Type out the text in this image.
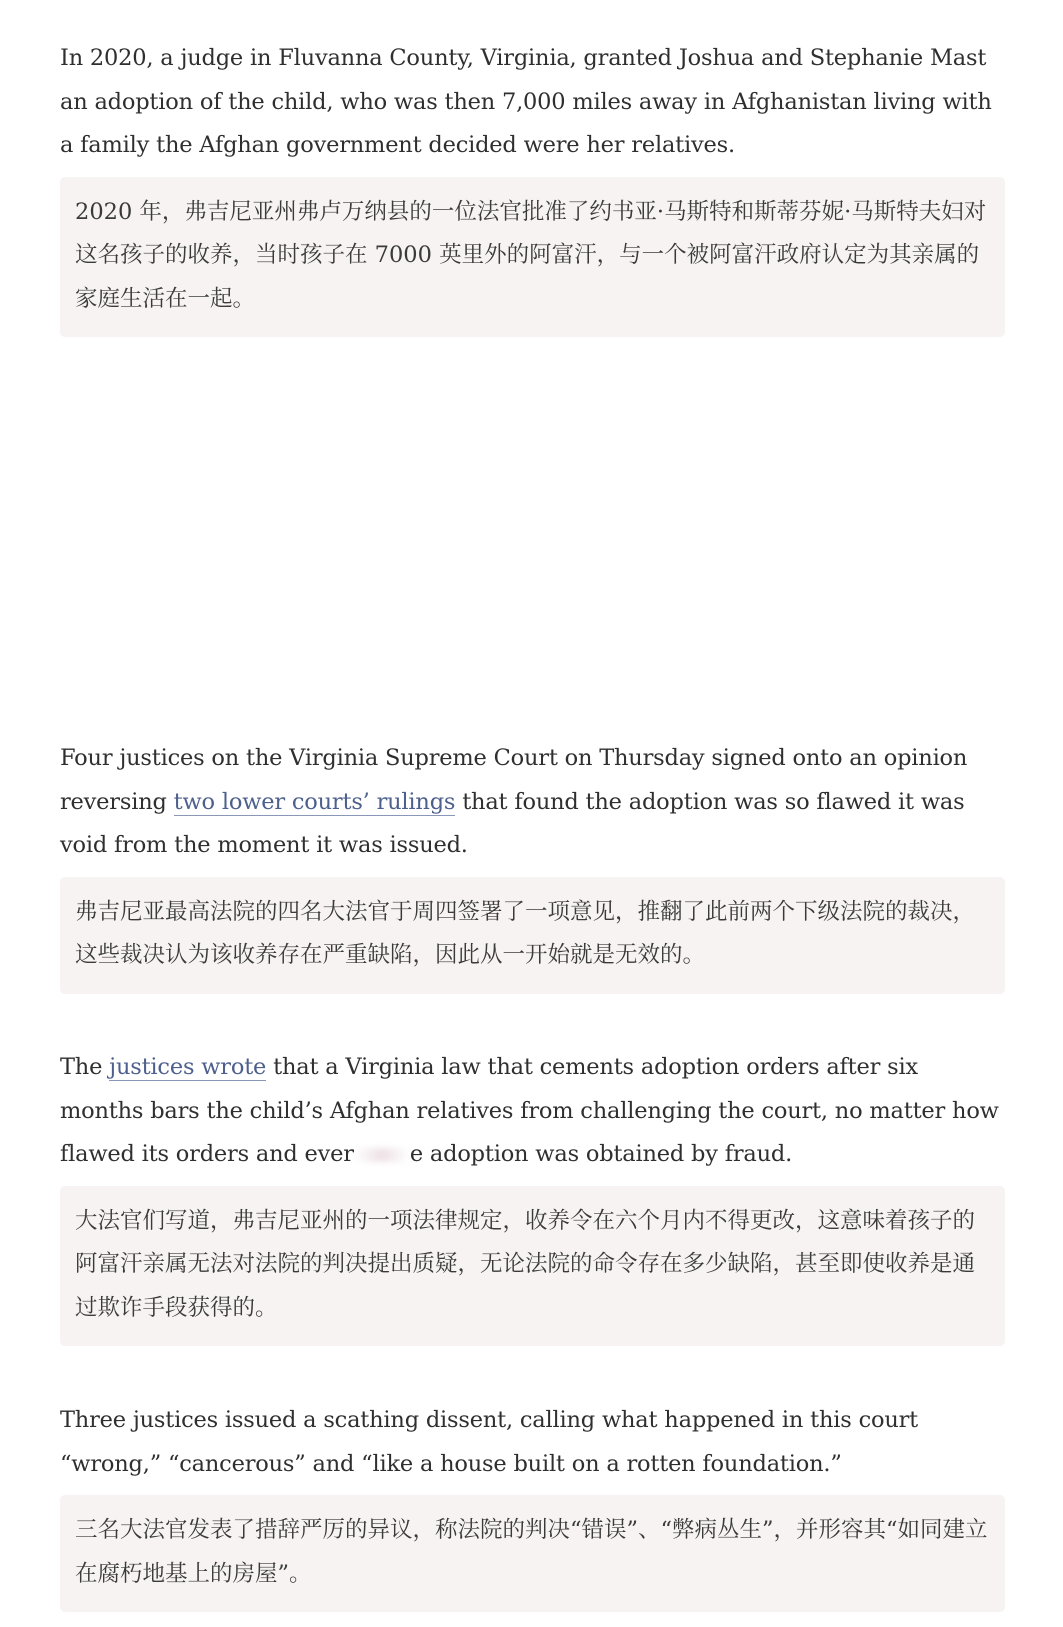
In 2020, a judge in Fluvanna County, Virginia, granted Joshua and Stephanie Mast an adoption of the child, who was then 7,000 miles away in Afghanistan living with a family the Afghan government decided were her relatives.

2020 年，弗吉尼亚州弗卢万纳县的一位法官批准了约书亚·马斯特和斯蒂芬妮·马斯特夫妇对这名孩子的收养，当时孩子在 7000 英里外的阿富汗，与一个被阿富汗政府认定为其亲属的家庭生活在一起。

Four justices on the Virginia Supreme Court on Thursday signed onto an opinion reversing two lower courts’ rulings that found the adoption was so flawed it was void from the moment it was issued.

弗吉尼亚最高法院的四名大法官于周四签署了一项意见，推翻了此前两个下级法院的裁决，这些裁决认为该收养存在严重缺陷，因此从一开始就是无效的。

The justices wrote that a Virginia law that cements adoption orders after six months bars the child’s Afghan relatives from challenging the court, no matter how flawed its orders and ever e adoption was obtained by fraud.

大法官们写道，弗吉尼亚州的一项法律规定，收养令在六个月内不得更改，这意味着孩子的阿富汗亲属无法对法院的判决提出质疑，无论法院的命令存在多少缺陷，甚至即使收养是通过欺诈手段获得的。

Three justices issued a scathing dissent, calling what happened in this court “wrong,” “cancerous” and “like a house built on a rotten foundation.”

三名大法官发表了措辞严厉的异议，称法院的判决“错误”、“弊病丛生”，并形容其“如同建立在腐朽地基上的房屋”。
